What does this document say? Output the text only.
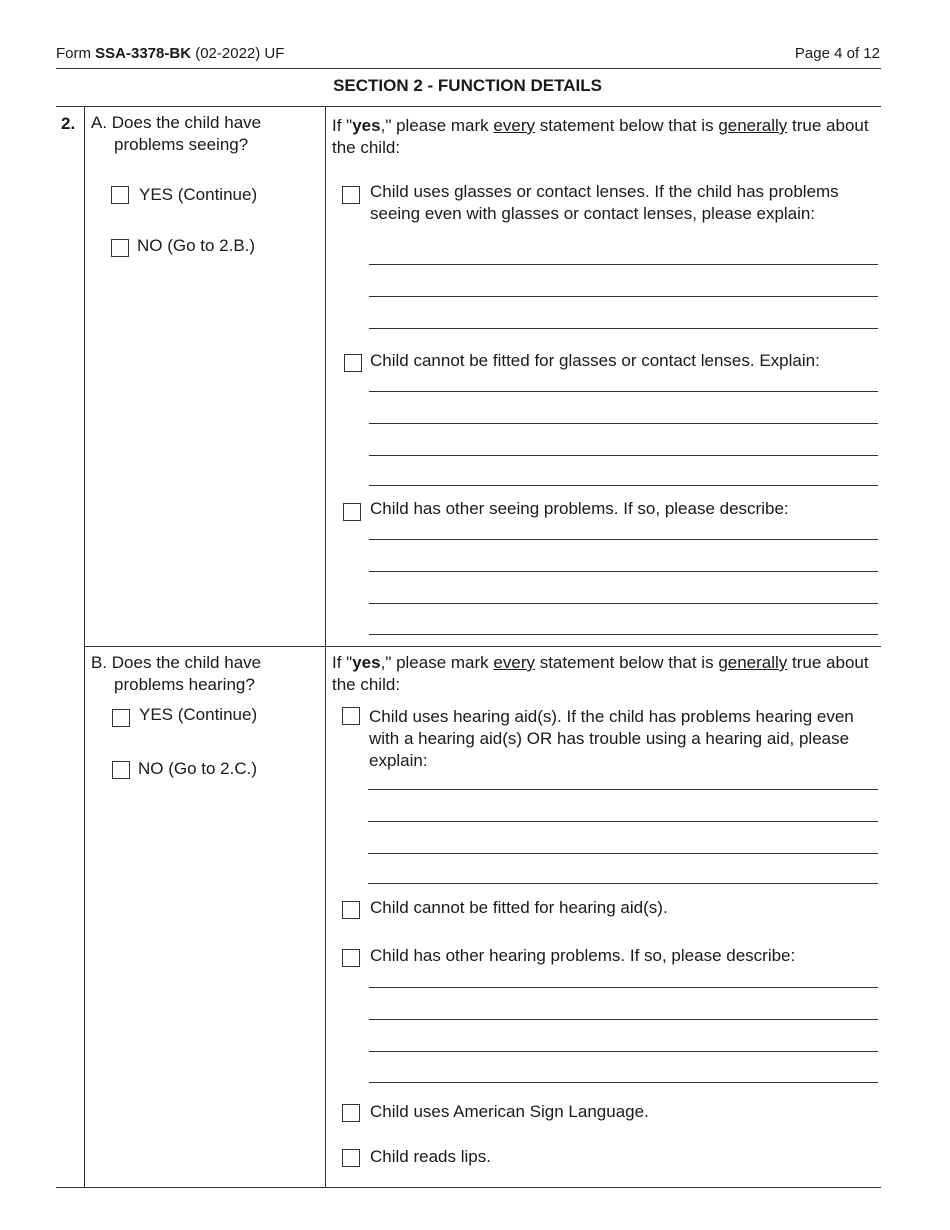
Form SSA-3378-BK (02-2022) UF	Page 4 of 12
SECTION 2 - FUNCTION DETAILS
2. A. Does the child have
problems seeing?
YES (Continue)
NO (Go to 2.B.)
If "yes," please mark every statement below that is generally true about the child:
Child uses glasses or contact lenses. If the child has problems seeing even with glasses or contact lenses, please explain:
Child cannot be fitted for glasses or contact lenses. Explain:
Child has other seeing problems. If so, please describe:
B. Does the child have
problems hearing?
YES (Continue)
NO (Go to 2.C.)
If "yes," please mark every statement below that is generally true about the child:
Child uses hearing aid(s). If the child has problems hearing even with a hearing aid(s) OR has trouble using a hearing aid, please explain:
Child cannot be fitted for hearing aid(s).
Child has other hearing problems. If so, please describe:
Child uses American Sign Language.
Child reads lips.
